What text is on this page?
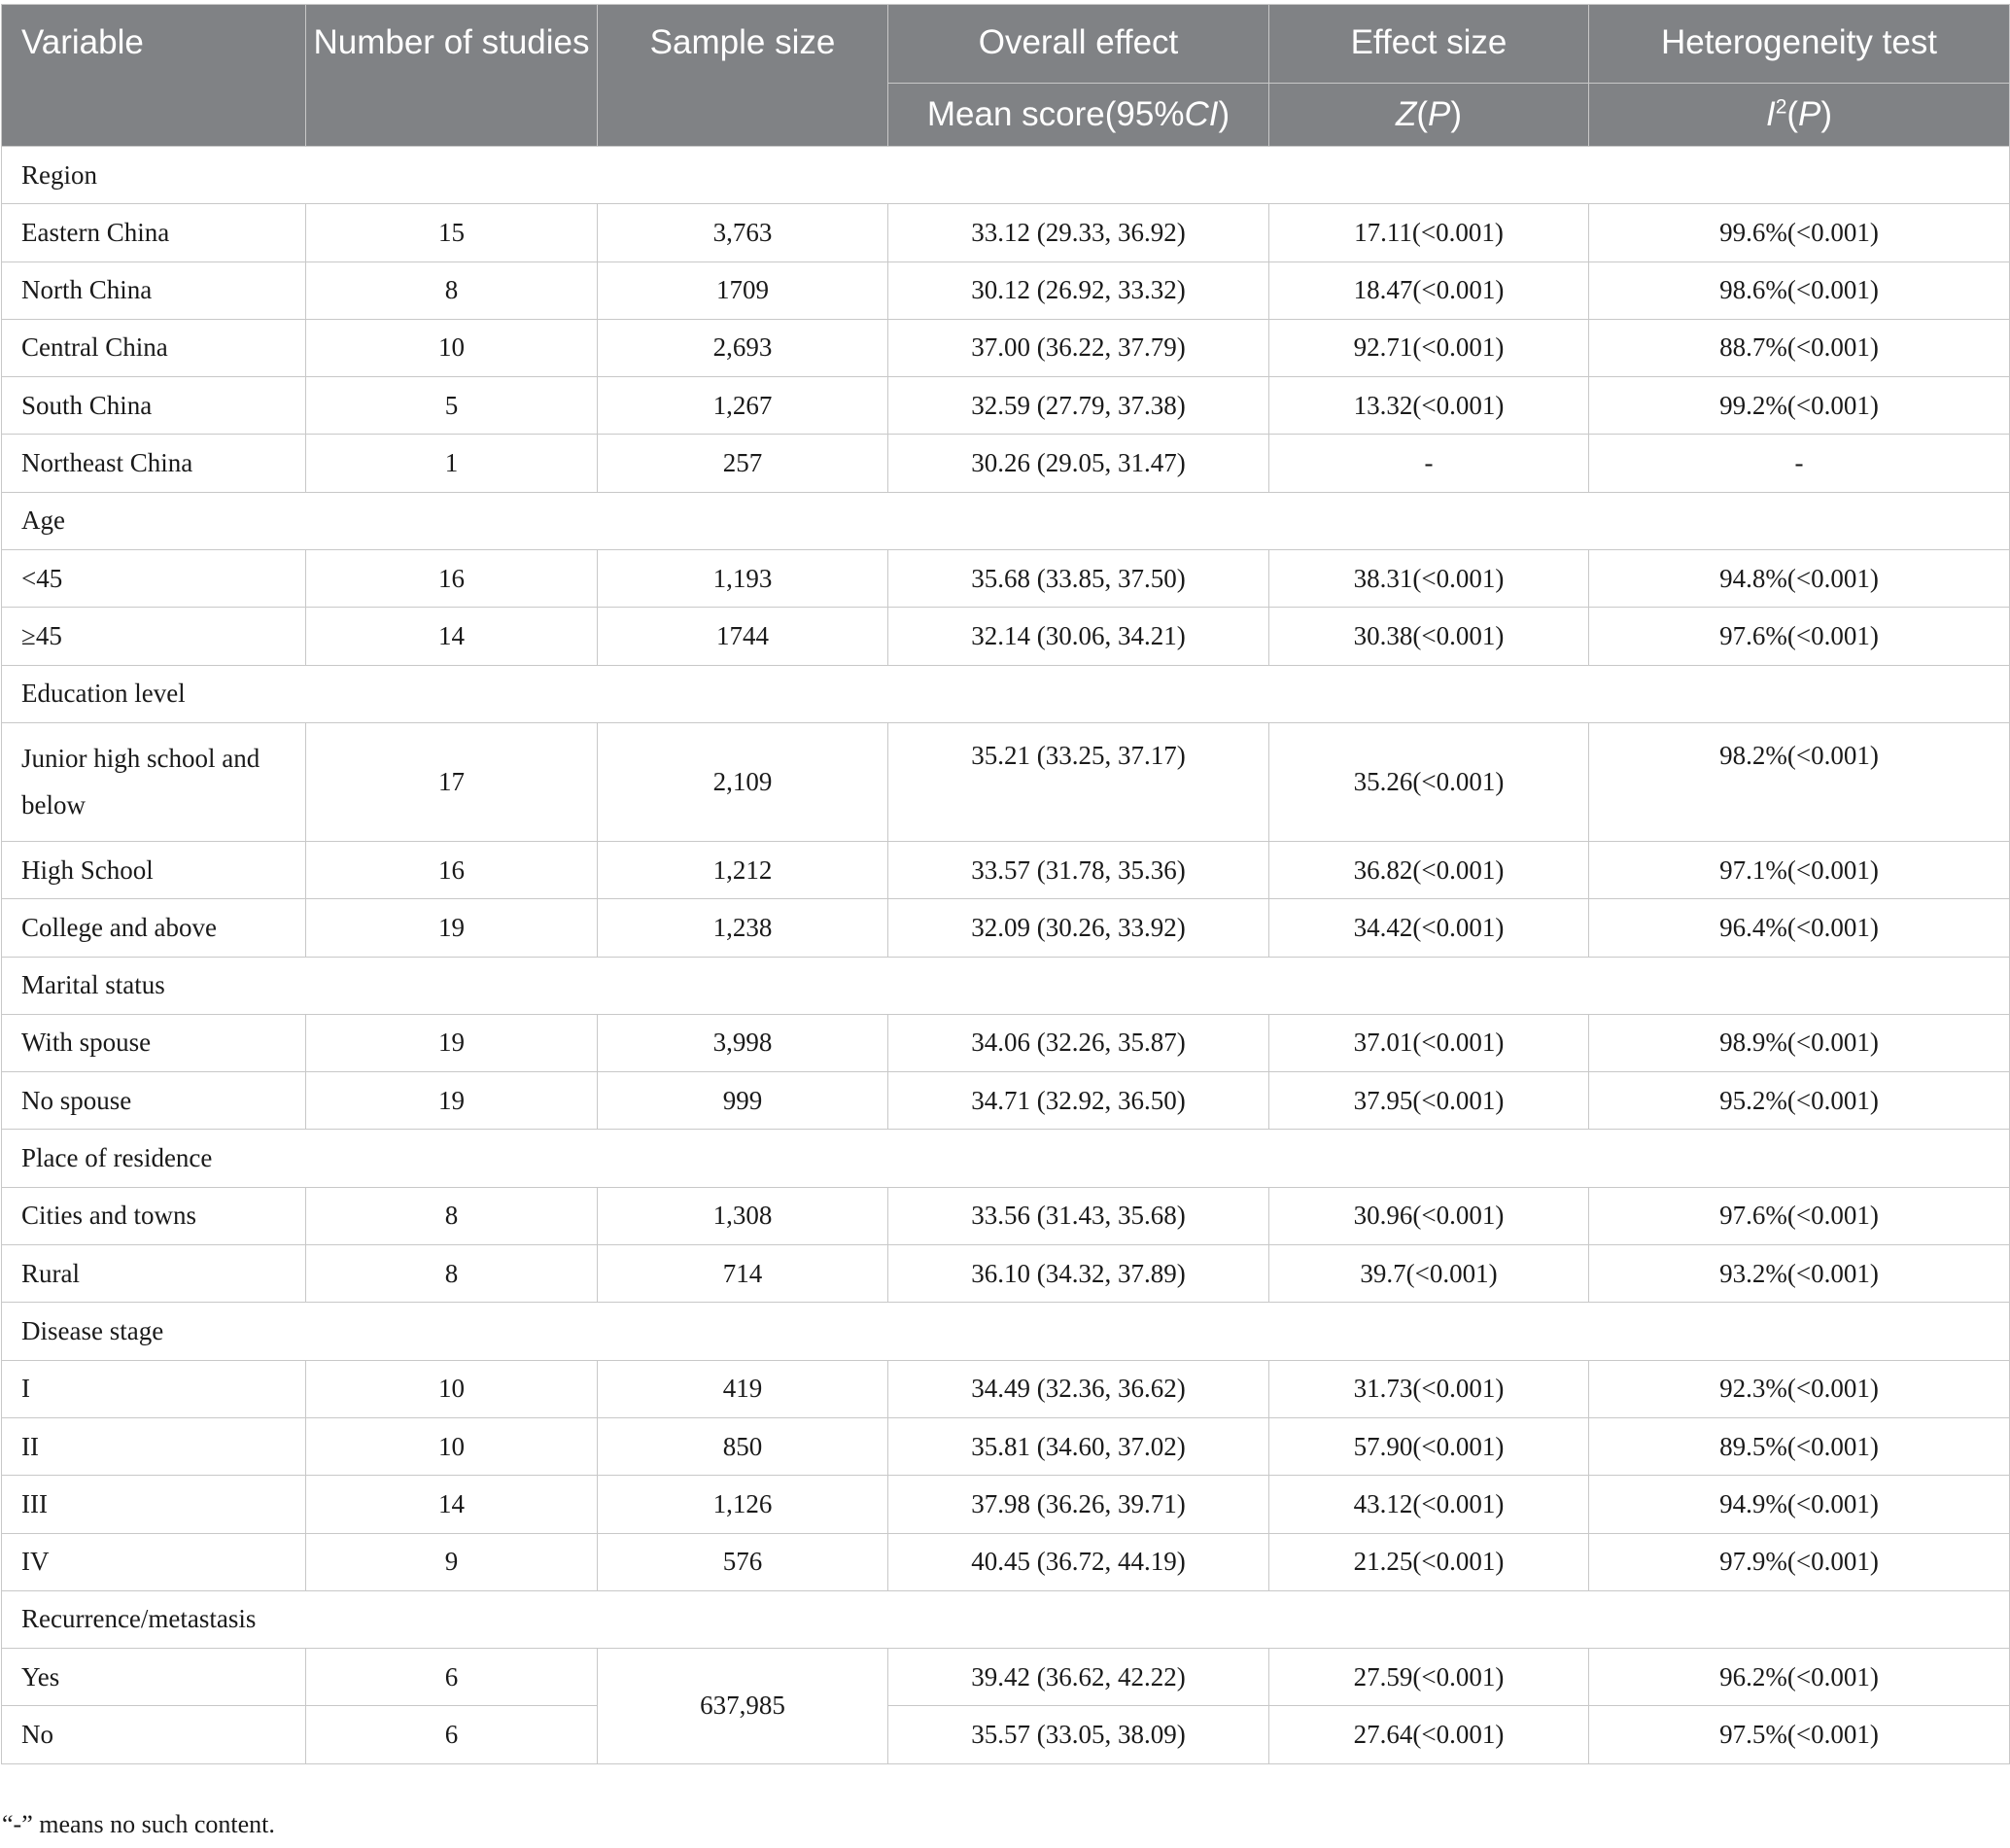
Variable	Number of studies	Sample size	Overall effect	Effect size	Heterogeneity test
			Mean score(95%CI)	Z(P)	$I^2(P)$
Region					
Eastern China	15	3,763	33.12 (29.33, 36.92)	17.11(<0.001)	99.6%(<0.001)
North China	8	1709	30.12 (26.92, 33.32)	18.47(<0.001)	98.6%(<0.001)
Central China	10	2,693	37.00 (36.22, 37.79)	92.71(<0.001)	88.7%(<0.001)
South China	5	1,267	32.59 (27.79, 37.38)	13.32(<0.001)	99.2%(<0.001)
Northeast China	1	257	30.26 (29.05, 31.47)	-	-
Age					
<45	16	1,193	35.68 (33.85, 37.50)	38.31(<0.001)	94.8%(<0.001)
≥45	14	1744	32.14 (30.06, 34.21)	30.38(<0.001)	97.6%(<0.001)
Education level					
Junior high school and below	17	2,109	35.21 (33.25, 37.17)	35.26(<0.001)	98.2%(<0.001)
High School	16	1,212	33.57 (31.78, 35.36)	36.82(<0.001)	97.1%(<0.001)
College and above	19	1,238	32.09 (30.26, 33.92)	34.42(<0.001)	96.4%(<0.001)
Marital status					
With spouse	19	3,998	34.06 (32.26, 35.87)	37.01(<0.001)	98.9%(<0.001)
No spouse	19	999	34.71 (32.92, 36.50)	37.95(<0.001)	95.2%(<0.001)
Place of residence					
Cities and towns	8	1,308	33.56 (31.43, 35.68)	30.96(<0.001)	97.6%(<0.001)
Rural	8	714	36.10 (34.32, 37.89)	39.7(<0.001)	93.2%(<0.001)
Disease stage					
I	10	419	34.49 (32.36, 36.62)	31.73(<0.001)	92.3%(<0.001)
II	10	850	35.81 (34.60, 37.02)	57.90(<0.001)	89.5%(<0.001)
III	14	1,126	37.98 (36.26, 39.71)	43.12(<0.001)	94.9%(<0.001)
IV	9	576	40.45 (36.72, 44.19)	21.25(<0.001)	97.9%(<0.001)
Recurrence/metastasis					
Yes	6	637,985	39.42 (36.62, 42.22)	27.59(<0.001)	96.2%(<0.001)
No	6		35.57 (33.05, 38.09)	27.64(<0.001)	97.5%(<0.001)
“-” means no such content.
